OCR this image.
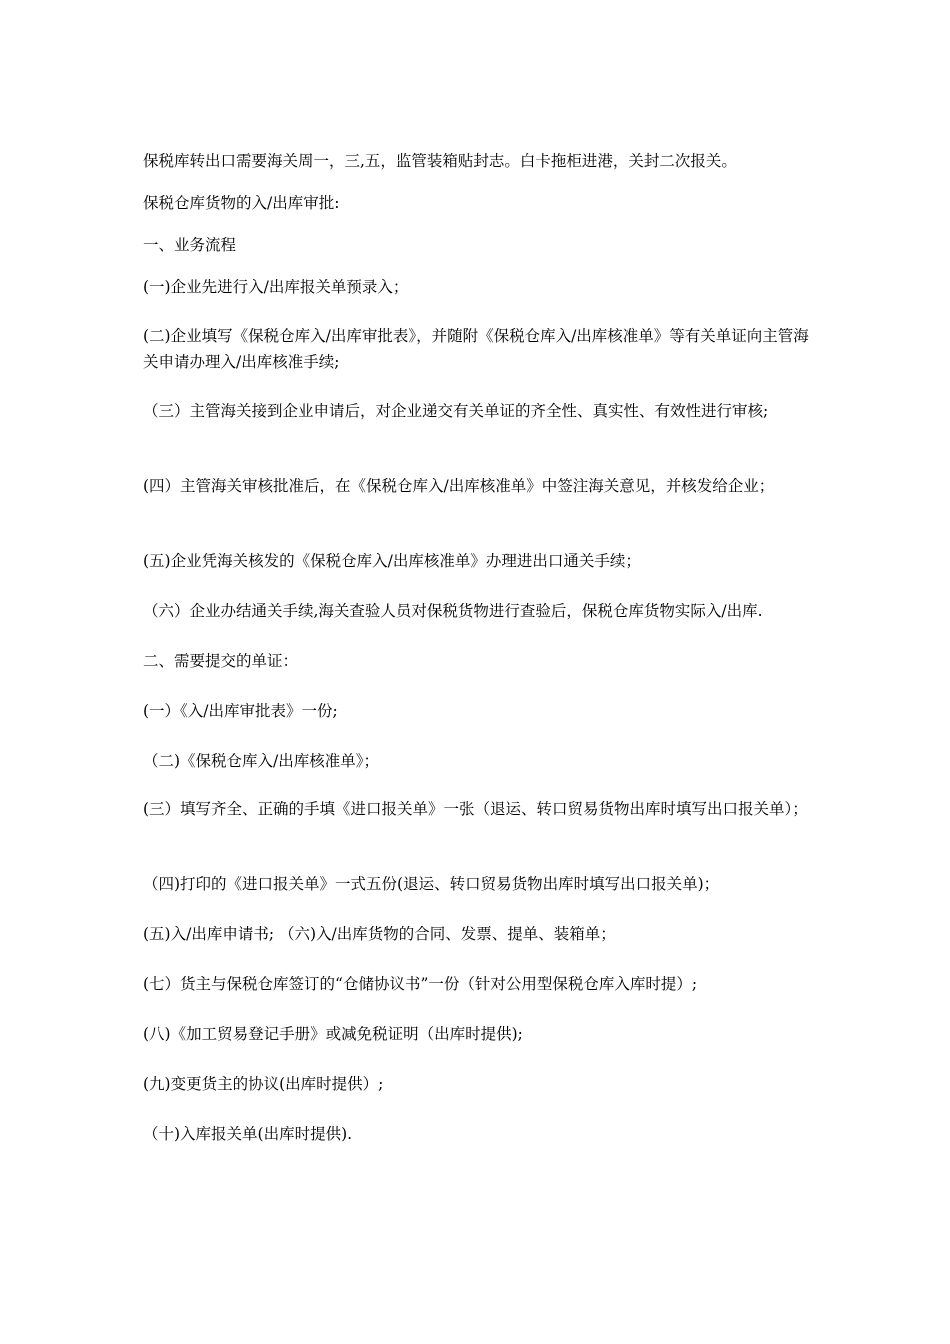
保税库转出口需要海关周一，三,五，监管装箱贴封志。白卡拖柜进港，关封二次报关。

保税仓库货物的入/出库审批:

一、业务流程

(一)企业先进行入/出库报关单预录入；

(二)企业填写《保税仓库入/出库审批表》，并随附《保税仓库入/出库核准单》等有关单证向主管海关申请办理入/出库核准手续;

（三）主管海关接到企业申请后，对企业递交有关单证的齐全性、真实性、有效性进行审核;

(四）主管海关审核批准后，在《保税仓库入/出库核准单》中签注海关意见，并核发给企业；

(五)企业凭海关核发的《保税仓库入/出库核准单》办理进出口通关手续；

（六）企业办结通关手续,海关查验人员对保税货物进行查验后，保税仓库货物实际入/出库.

二、需要提交的单证：

(一）《入/出库审批表》一份;

（二)《保税仓库入/出库核准单》；

(三）填写齐全、正确的手填《进口报关单》一张（退运、转口贸易货物出库时填写出口报关单）；

（四)打印的《进口报关单》一式五份(退运、转口贸易货物出库时填写出口报关单)；

(五)入/出库申请书; （六)入/出库货物的合同、发票、提单、装箱单；

(七）货主与保税仓库签订的“仓储协议书”一份（针对公用型保税仓库入库时提）;

(八)《加工贸易登记手册》或减免税证明（出库时提供);

(九)变更货主的协议(出库时提供）;

（十)入库报关单(出库时提供).
